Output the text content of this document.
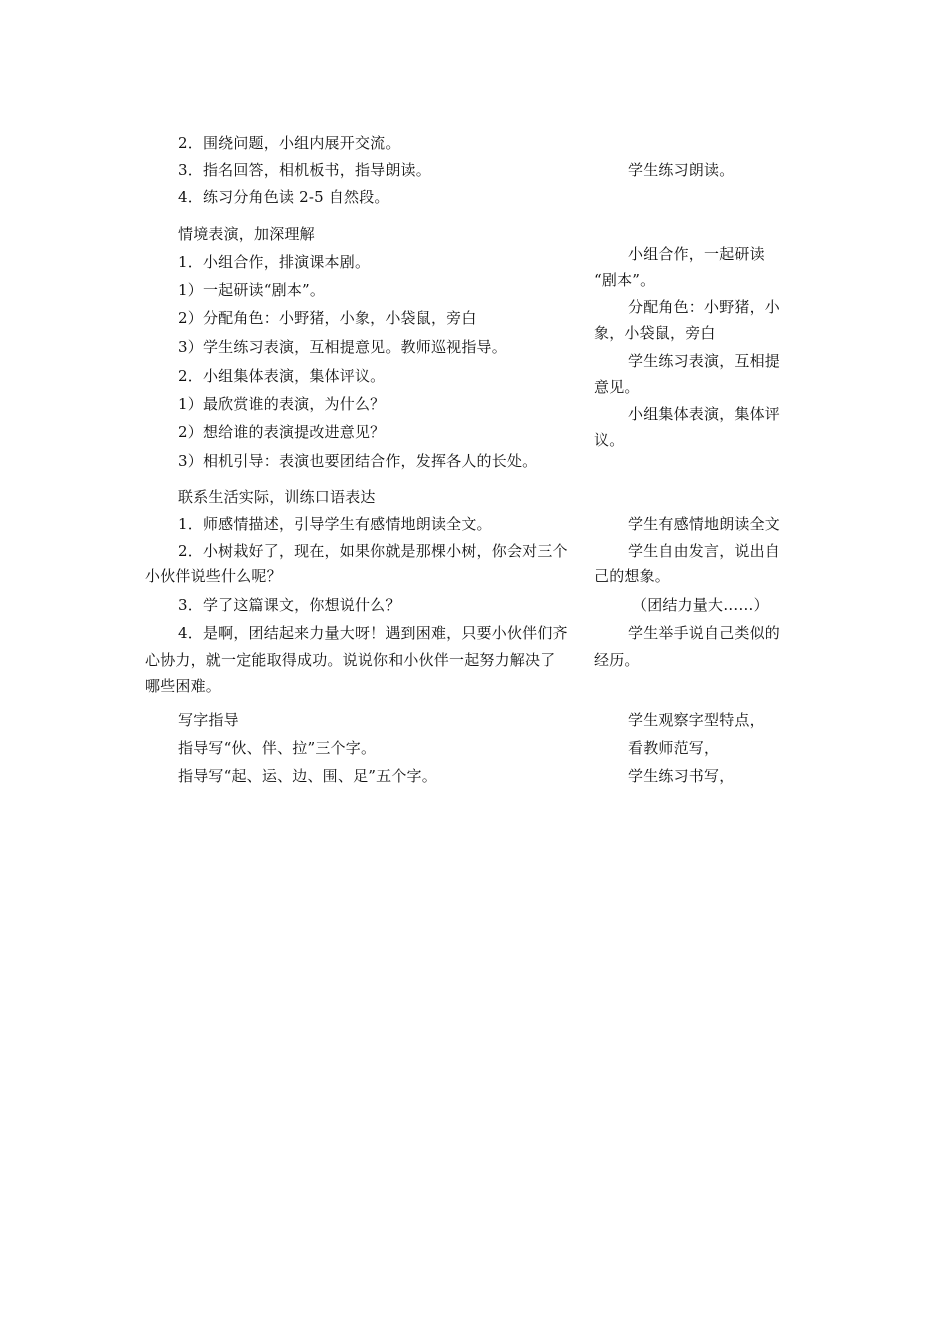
2．围绕问题，小组内展开交流。
3．指名回答，相机板书，指导朗读。
4．练习分角色读 2-5 自然段。
情境表演，加深理解
1．小组合作，排演课本剧。
1）一起研读“剧本”。
2）分配角色：小野猪，小象，小袋鼠，旁白
3）学生练习表演，互相提意见。教师巡视指导。
2．小组集体表演，集体评议。
1）最欣赏谁的表演，为什么？
2）想给谁的表演提改进意见？
3）相机引导：表演也要团结合作，发挥各人的长处。
联系生活实际，训练口语表达
1．师感情描述，引导学生有感情地朗读全文。
2．小树栽好了，现在，如果你就是那棵小树，你会对三个
小伙伴说些什么呢？
3．学了这篇课文，你想说什么？
4．是啊，团结起来力量大呀！遇到困难，只要小伙伴们齐
心协力，就一定能取得成功。说说你和小伙伴一起努力解决了
哪些困难。
写字指导
指导写“伙、伴、拉”三个字。
指导写“起、运、边、围、足”五个字。
学生练习朗读。
小组合作，一起研读
“剧本”。
分配角色：小野猪，小
象，小袋鼠，旁白
学生练习表演，互相提
意见。
小组集体表演，集体评
议。
学生有感情地朗读全文
学生自由发言，说出自
己的想象。
（团结力量大……）
学生举手说自己类似的
经历。
学生观察字型特点，
看教师范写，
学生练习书写，
